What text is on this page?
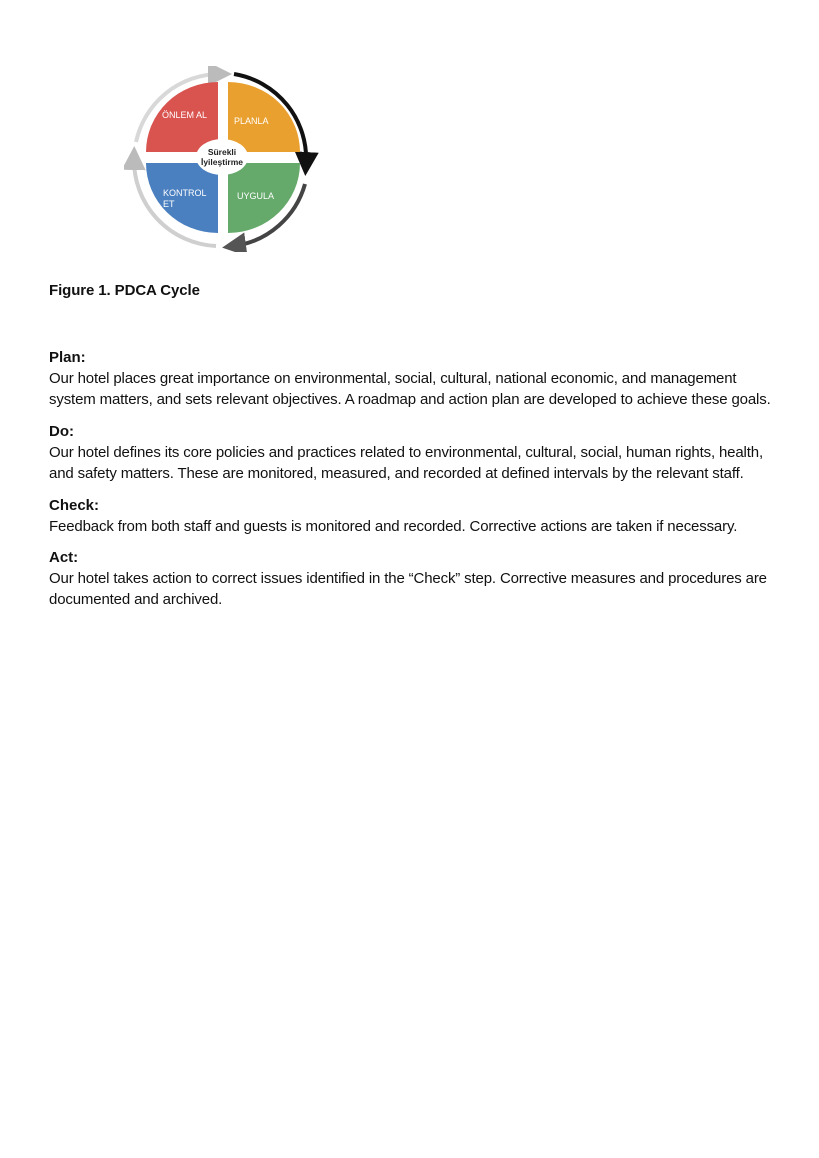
ÖNLEM AL
PLANLA
KONTROL
ET
UYGULA
Sürekli
İyileştirme
Figure 1. PDCA Cycle
Plan:
Our hotel places great importance on environmental, social, cultural, national economic, and management system matters, and sets relevant objectives. A roadmap and action plan are developed to achieve these goals.
Do:
Our hotel defines its core policies and practices related to environmental, cultural, social, human rights, health, and safety matters. These are monitored, measured, and recorded at defined intervals by the relevant staff.
Check:
Feedback from both staff and guests is monitored and recorded. Corrective actions are taken if necessary.
Act:
Our hotel takes action to correct issues identified in the “Check” step. Corrective measures and procedures are documented and archived.
